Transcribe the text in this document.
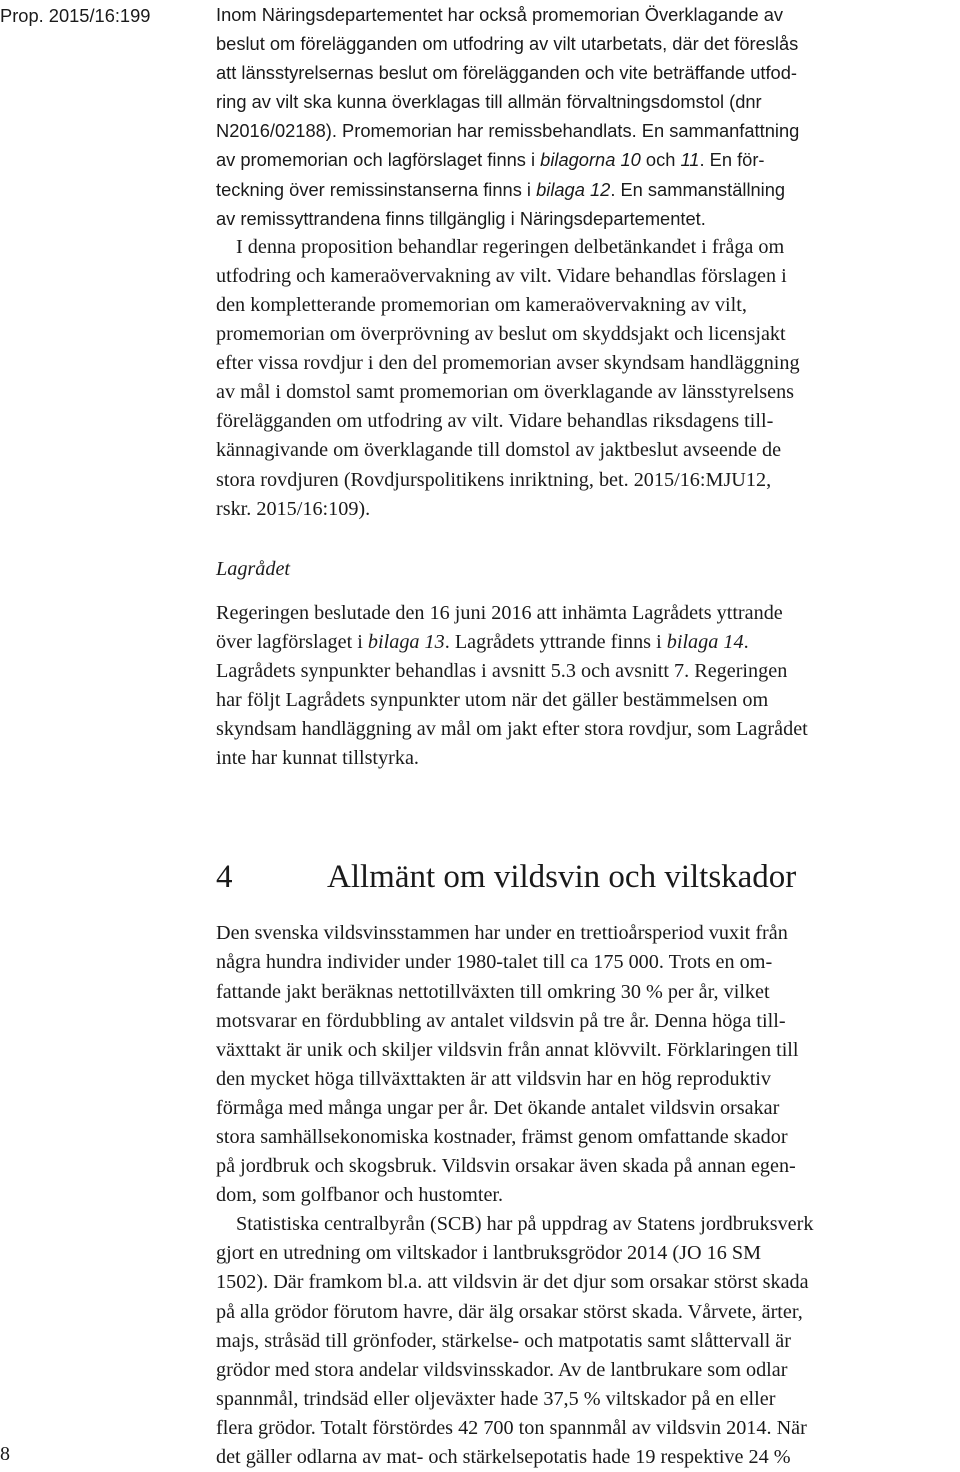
Prop. 2015/16:199	Inom Näringsdepartementet har också promemorian Överklagande av
beslut om förelägganden om utfodring av vilt utarbetats, där det föreslås
att länsstyrelsernas beslut om förelägganden och vite beträffande utfod-
ring av vilt ska kunna överklagas till allmän förvaltningsdomstol (dnr
N2016/02188). Promemorian har remissbehandlats. En sammanfattning
av promemorian och lagförslaget finns i bilagorna 10 och 11. En för-
teckning över remissinstanserna finns i bilaga 12. En sammanställning
av remissyttrandena finns tillgänglig i Näringsdepartementet.

I denna proposition behandlar regeringen delbetänkandet i fråga om
utfodring och kameraövervakning av vilt. Vidare behandlas förslagen i
den kompletterande promemorian om kameraövervakning av vilt,
promemorian om överprövning av beslut om skyddsjakt och licensjakt
efter vissa rovdjur i den del promemorian avser skyndsam handläggning
av mål i domstol samt promemorian om överklagande av länsstyrelsens
förelägganden om utfodring av vilt. Vidare behandlas riksdagens till-
kännagivande om överklagande till domstol av jaktbeslut avseende de
stora rovdjuren (Rovdjurspolitikens inriktning, bet. 2015/16:MJU12,
rskr. 2015/16:109).

Lagrådet

Regeringen beslutade den 16 juni 2016 att inhämta Lagrådets yttrande
över lagförslaget i bilaga 13. Lagrådets yttrande finns i bilaga 14.
Lagrådets synpunkter behandlas i avsnitt 5.3 och avsnitt 7. Regeringen
har följt Lagrådets synpunkter utom när det gäller bestämmelsen om
skyndsam handläggning av mål om jakt efter stora rovdjur, som Lagrådet
inte har kunnat tillstyrka.

4	Allmänt om vildsvin och viltskador

Den svenska vildsvinsstammen har under en trettioårsperiod vuxit från
några hundra individer under 1980-talet till ca 175 000. Trots en om-
fattande jakt beräknas nettotillväxten till omkring 30 % per år, vilket
motsvarar en fördubbling av antalet vildsvin på tre år. Denna höga till-
växttakt är unik och skiljer vildsvin från annat klövvilt. Förklaringen till
den mycket höga tillväxttakten är att vildsvin har en hög reproduktiv
förmåga med många ungar per år. Det ökande antalet vildsvin orsakar
stora samhällsekonomiska kostnader, främst genom omfattande skador
på jordbruk och skogsbruk. Vildsvin orsakar även skada på annan egen-
dom, som golfbanor och hustomter.

Statistiska centralbyrån (SCB) har på uppdrag av Statens jordbruksverk
gjort en utredning om viltskador i lantbruksgrödor 2014 (JO 16 SM
1502). Där framkom bl.a. att vildsvin är det djur som orsakar störst skada
på alla grödor förutom havre, där älg orsakar störst skada. Vårvete, ärter,
majs, stråsäd till grönfoder, stärkelse- och matpotatis samt slåttervall är
grödor med stora andelar vildsvinsskador. Av de lantbrukare som odlar
spannmål, trindsäd eller oljeväxter hade 37,5 % viltskador på en eller
flera grödor. Totalt förstördes 42 700 ton spannmål av vildsvin 2014. När
det gäller odlarna av mat- och stärkelsepotatis hade 19 respektive 24 %

8
